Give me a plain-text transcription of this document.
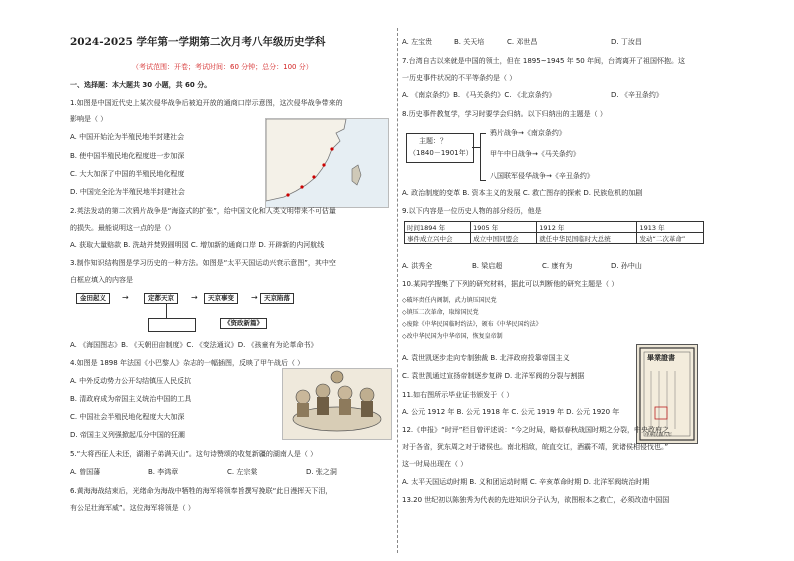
2024-2025 学年第一学期第二次月考八年级历史学科
（考试范围：开卷；考试时间：60 分钟；总分：100 分）
一、选择题：本大题共 30 小题，共 60 分。
1.如图是中国近代史上某次侵华战争后被迫开放的通商口岸示意图，这次侵华战争带来的
影响是（ ）
A. 中国开始沦为半殖民地半封建社会
B. 使中国半殖民地化程度进一步加深
C. 大大加深了中国的半殖民地化程度
D. 中国完全沦为半殖民地半封建社会
2.英法发动的第二次鸦片战争是“海盗式的扩张”，给中国文化和人类文明带来不可估量
的损失。最能说明这一点的是（）
A. 获取大量赔款 B. 洗劫并焚毁圆明园 C. 增加新的通商口岸 D. 开辟新的内河航线
3.制作知识结构图是学习历史的一种方法。如图是“太平天国运动兴衰示意图”，其中空
白框应填入的内容是
金田起义	→	定都天京	→	天京事变	→ 天京陷落
《资政新篇》
A. 《海国图志》B. 《天朝田亩制度》C. 《变法通议》D. 《孩童有为论革命书》
4.如图是 1898 年法国《小巴黎人》杂志的一幅插图，反映了甲午战后（ ）
A. 中外反动势力公开勾结镇压人民反抗
B. 清政府成为帝国主义统治中国的工具
C. 中国社会半殖民地化程度大大加深
D. 帝国主义列强掀起瓜分中国的狂潮
5.“大将西征人未还，湖湘子弟满天山”。这句诗赞颂的收复新疆的湖南人是（ ）
A. 曾国藩	B. 李鸿章	C. 左宗棠	D. 张之洞
6.黄海海战结束后，光绪命为海战中牺牲的海军将领奉旨撰写挽联“此日漫挥天下泪，
有公足壮海军威”。这位海军将领是（ ）
A. 左宝贵	B. 关天培	C. 邓世昌	D. 丁汝昌
7.台湾自古以来就是中国的领土，但在 1895~1945 年 50 年间，台湾离开了祖国怀抱。这
一历史事件状况的不平等条约是（ ）
A. 《南京条约》B. 《马关条约》C. 《北京条约》	D. 《辛丑条约》
8.历史事件教复学，学习时要学会归纳。以下归纳出的主题是（ ）
主题：？
（1840－1901年）
鸦片战争→《南京条约》
甲午中日战争→《马关条约》
八国联军侵华战争→《辛丑条约》
A. 政治制度的变革 B. 资本主义的发展 C. 救亡图存的探索 D. 民族危机的加剧
9.以下内容是一位历史人物的部分经历，他是
时间1894 年	1905 年	1912 年	1913 年
事件成立兴中会	成立中国同盟会	就任中华民国临时大总统	发动“二次革命”
A. 洪秀全	B. 梁启超	C. 康有为	D. 孙中山
10.某同学搜集了下列的研究材料，据此可以判断他的研究主题是（ ）
◇破坏责任内阁制，武力镇压国民党
◇镇压二次革命，取缔国民党
◇废除《中华民国临时约法》，颁布《中华民国约法》
◇改中华民国为中华帝国，恢复皇帝制
A. 袁世凯逐步走向专制独裁 B. 北洋政府投靠帝国主义
C. 袁世凯通过宣扬帝制逐步复辟 D. 北洋军阀的分裂与割据
畢業證書
中華民國八年
11.如右图所示毕业证书颁发于（ ）
A. 公元 1912 年 B. 公元 1918 年 C. 公元 1919 年 D. 公元 1920 年
12.《申报》“时评”栏目曾评述说：“今之时局，略似春秋战国时期之分裂，中央政府之
对于各省，犹东周之对于诸侯也。南北相敌，皖直交讧，酒霸不靖，犹诸侯相侵伐也。”
这一时局出现在（ ）
A. 太平天国运动时期 B. 义和团运动时期 C. 辛亥革命时期 D. 北洋军阀统治时期
13.20 世纪初以陈独秀为代表的先进知识分子认为，欲图根本之救亡，必须改造中国国
